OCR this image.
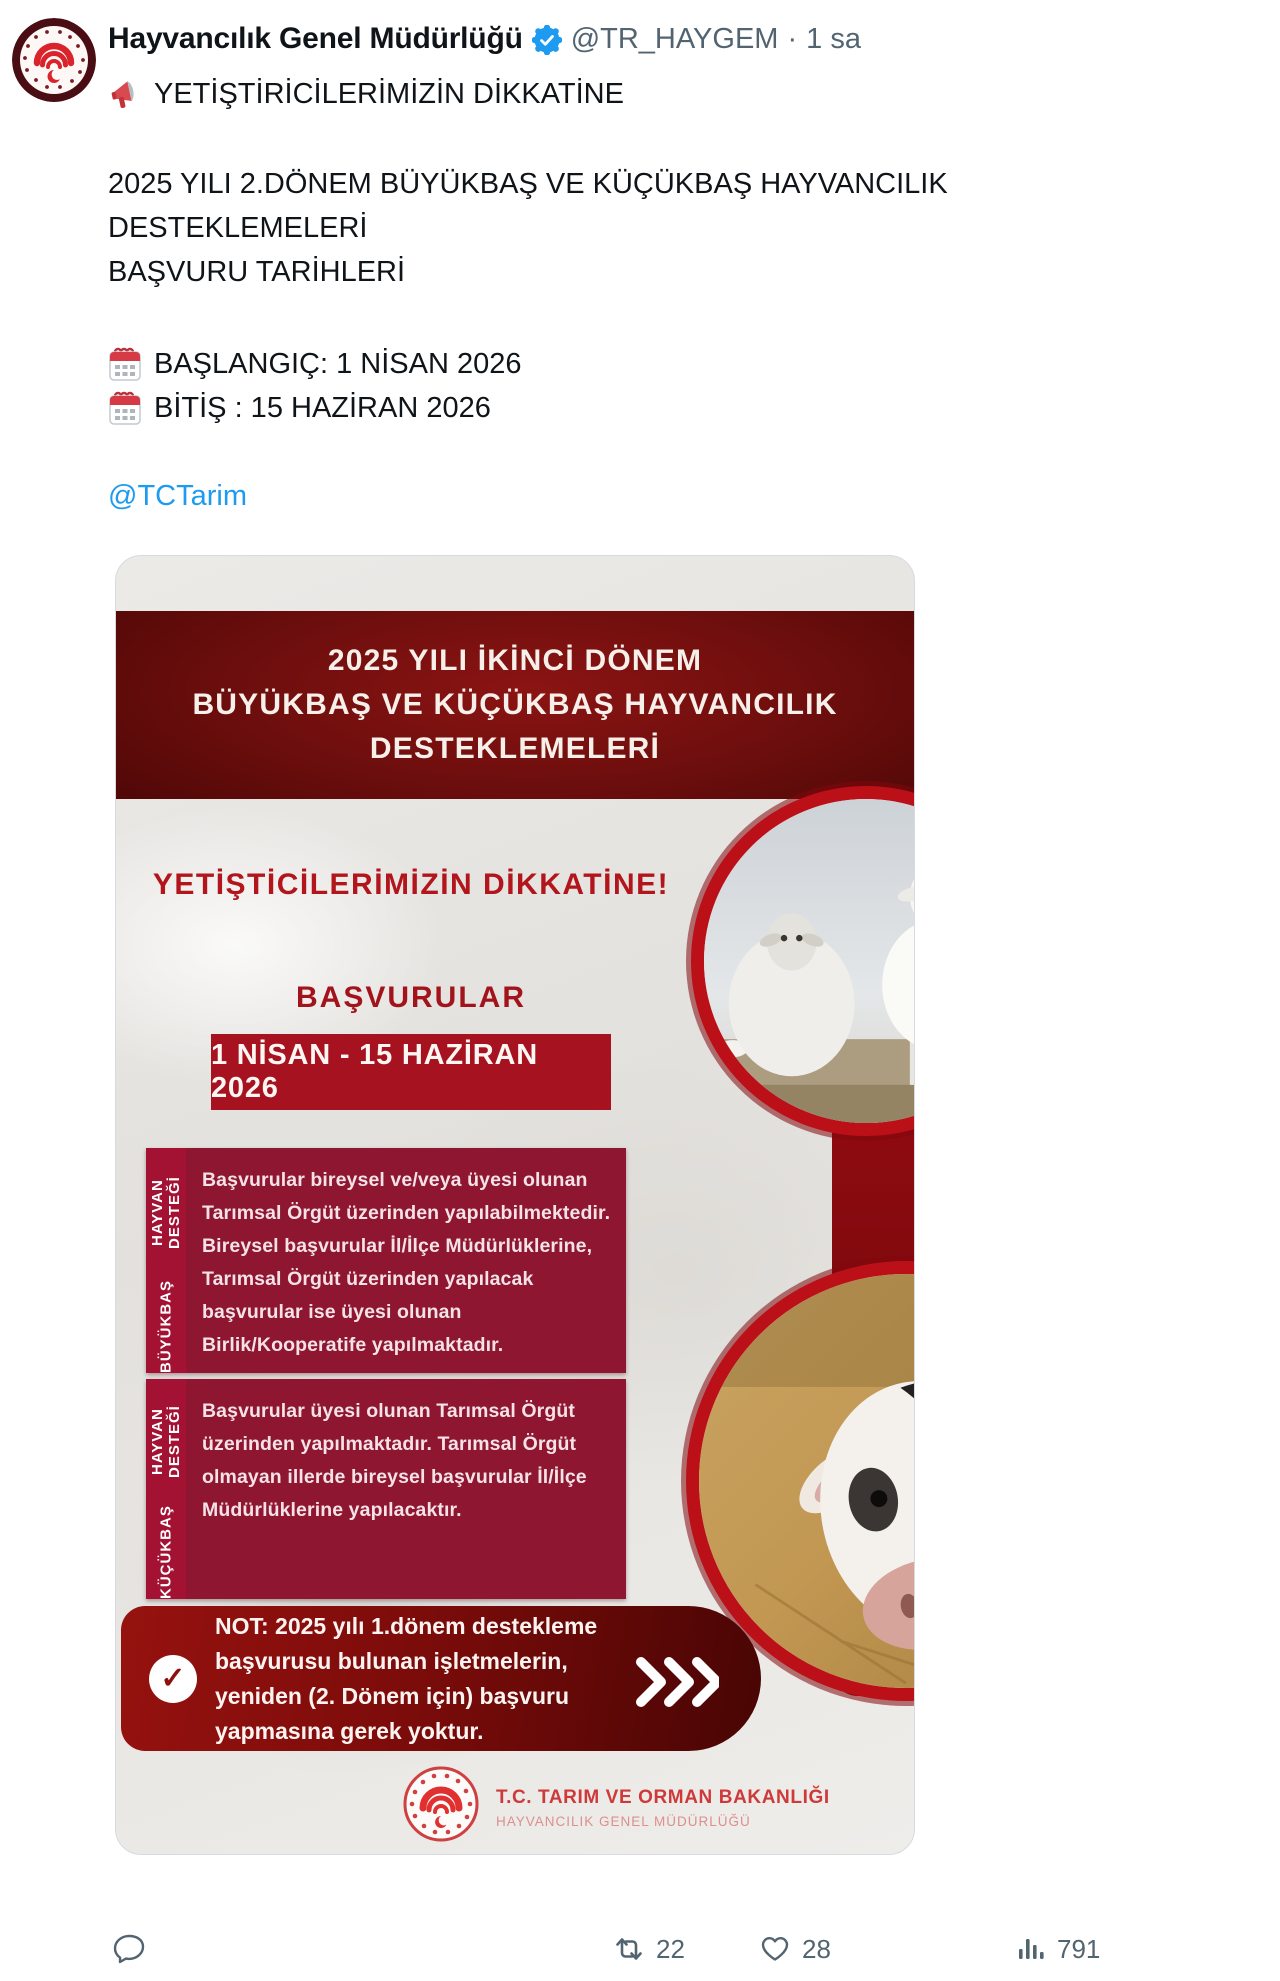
Hayvancılık Genel Müdürlüğü @TR_HAYGEM · 1 sa
YETİŞTİRİCİLERİMİZİN DİKKATİNE
2025 YILI 2.DÖNEM BÜYÜKBAŞ VE KÜÇÜKBAŞ HAYVANCILIK DESTEKLEMELERİ
BAŞVURU TARİHLERİ
BAŞLANGIÇ: 1 NİSAN 2026
BİTİŞ : 15 HAZİRAN 2026
@TCTarim
2025 YILI İKİNCİ DÖNEM
BÜYÜKBAŞ VE KÜÇÜKBAŞ HAYVANCILIK
DESTEKLEMELERİ
YETİŞTİCİLERİMİZİN DİKKATİNE!
BAŞVURULAR
1 NİSAN - 15 HAZİRAN 2026
BÜYÜKBAŞ
HAYVAN DESTEĞİ Başvurular bireysel ve/veya üyesi olunan Tarımsal Örgüt üzerinden yapılabilmektedir. Bireysel başvurular İl/İlçe Müdürlüklerine, Tarımsal Örgüt üzerinden yapılacak başvurular ise üyesi olunan Birlik/Kooperatife yapılmaktadır.
KÜÇÜKBAŞ
HAYVAN DESTEĞİ Başvurular üyesi olunan Tarımsal Örgüt üzerinden yapılmaktadır. Tarımsal Örgüt olmayan illerde bireysel başvurular İl/İlçe Müdürlüklerine yapılacaktır.
✓
NOT: 2025 yılı 1.dönem destekleme başvurusu bulunan işletmelerin, yeniden (2. Dönem için) başvuru yapmasına gerek yoktur.
T.C. TARIM VE ORMAN BAKANLIĞI
HAYVANCILIK GENEL MÜDÜRLÜĞÜ
22	28	791
